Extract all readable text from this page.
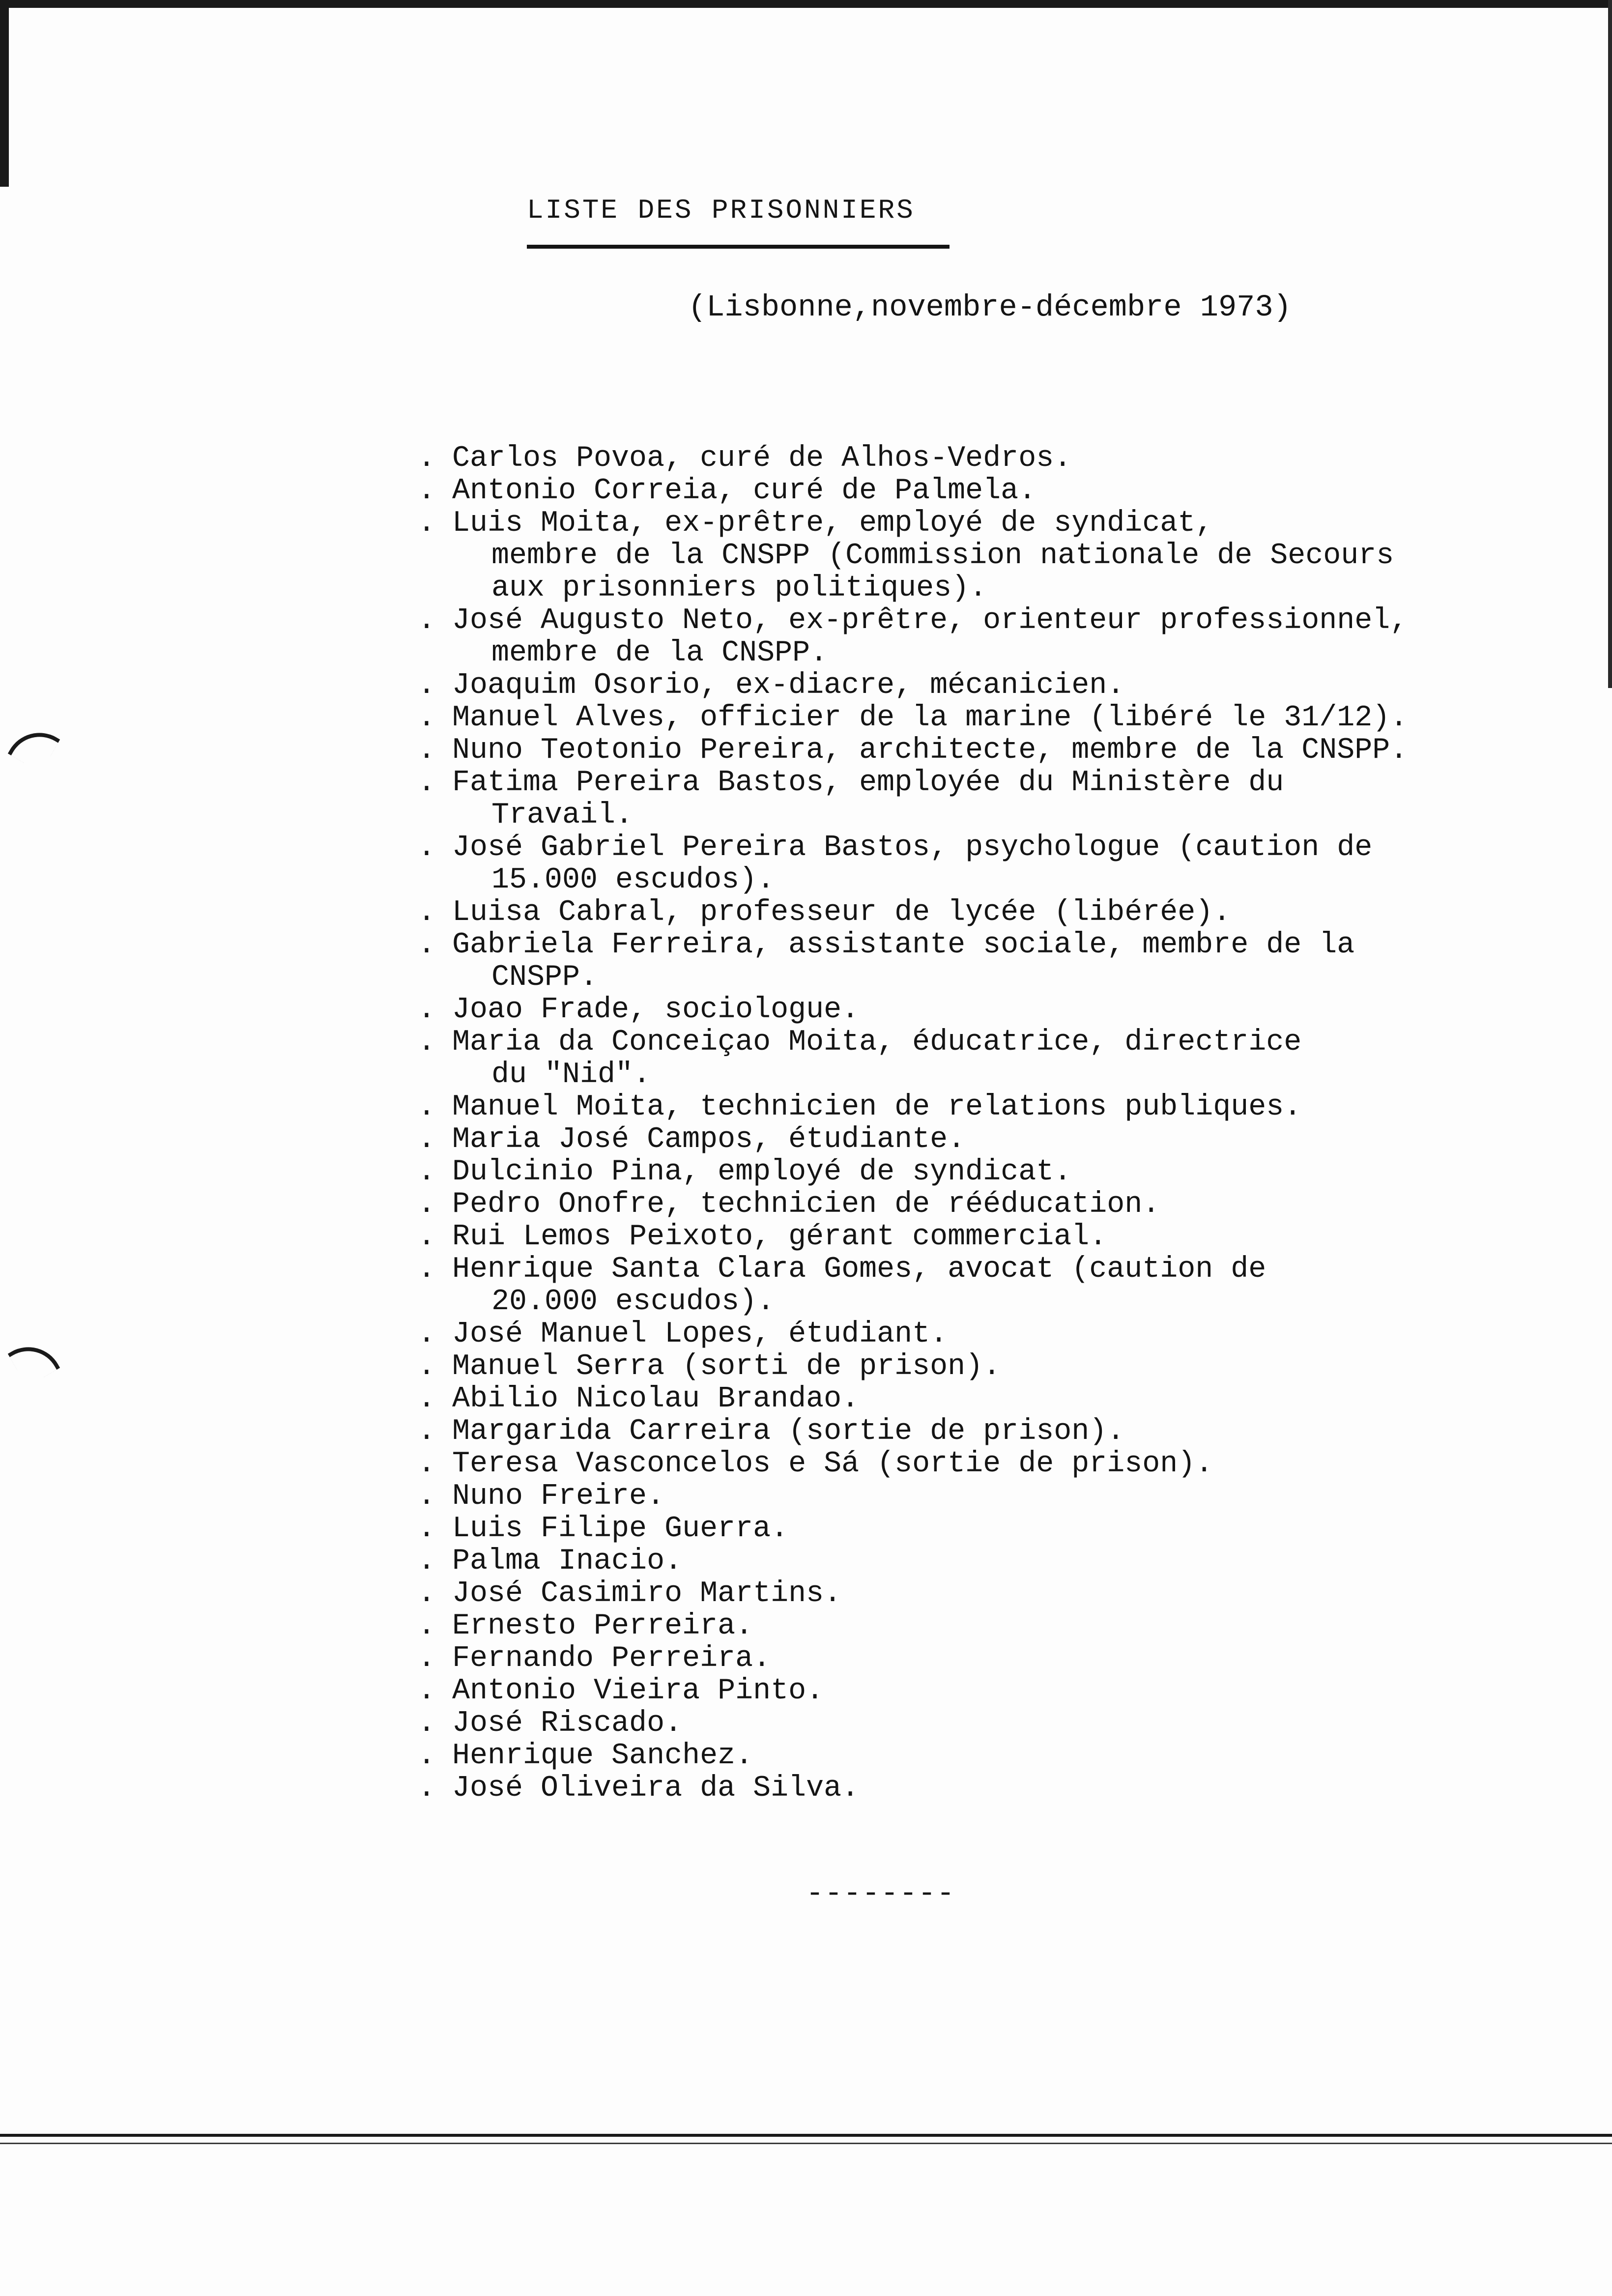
LISTE DES PRISONNIERS
(Lisbonne,novembre-décembre 1973)
. Carlos Povoa, curé de Alhos-Vedros.
. Antonio Correia, curé de Palmela.
. Luis Moita, ex-prêtre, employé de syndicat,
membre de la CNSPP (Commission nationale de Secours
aux prisonniers politiques).
. José Augusto Neto, ex-prêtre, orienteur professionnel,
membre de la CNSPP.
. Joaquim Osorio, ex-diacre, mécanicien.
. Manuel Alves, officier de la marine (libéré le 31/12).
. Nuno Teotonio Pereira, architecte, membre de la CNSPP.
. Fatima Pereira Bastos, employée du Ministère du
Travail.
. José Gabriel Pereira Bastos, psychologue (caution de
15.000 escudos).
. Luisa Cabral, professeur de lycée (libérée).
. Gabriela Ferreira, assistante sociale, membre de la
CNSPP.
. Joao Frade, sociologue.
. Maria da Conceiçao Moita, éducatrice, directrice
du "Nid".
. Manuel Moita, technicien de relations publiques.
. Maria José Campos, étudiante.
. Dulcinio Pina, employé de syndicat.
. Pedro Onofre, technicien de rééducation.
. Rui Lemos Peixoto, gérant commercial.
. Henrique Santa Clara Gomes, avocat (caution de
20.000 escudos).
. José Manuel Lopes, étudiant.
. Manuel Serra (sorti de prison).
. Abilio Nicolau Brandao.
. Margarida Carreira (sortie de prison).
. Teresa Vasconcelos e Sá (sortie de prison).
. Nuno Freire.
. Luis Filipe Guerra.
. Palma Inacio.
. José Casimiro Martins.
. Ernesto Perreira.
. Fernando Perreira.
. Antonio Vieira Pinto.
. José Riscado.
. Henrique Sanchez.
. José Oliveira da Silva.
--------
